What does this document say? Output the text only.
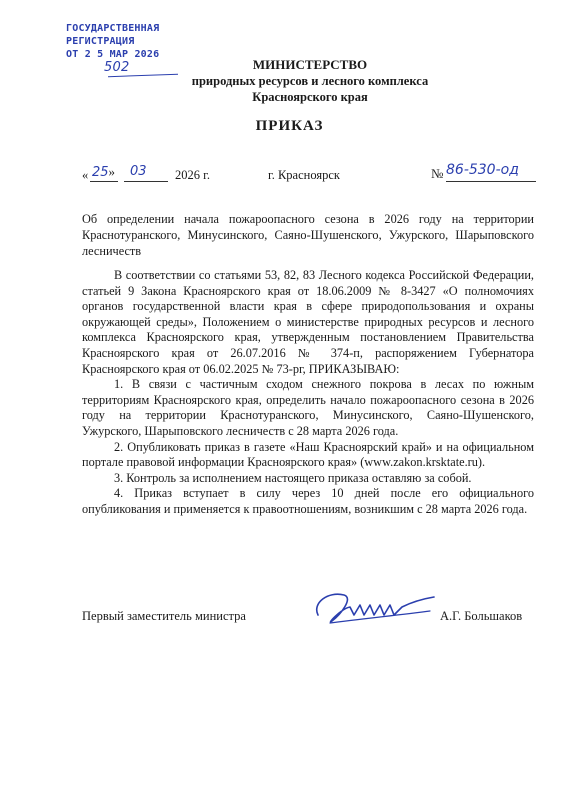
ГОСУДАРСТВЕННАЯ
РЕГИСТРАЦИЯ
ОТ 2 5 МАР 2026
502	МИНИСТЕРСТВО
природных ресурсов и лесного комплекса
Красноярского края
ПРИКАЗ
« 25» 03 2026 г.	г. Красноярск	№ 86-530-од
Об определении начала пожароопасного сезона в 2026 году на территории Краснотуранского, Минусинского, Саяно-Шушенского, Ужурского, Шарыповского лесничеств

В соответствии со статьями 53, 82, 83 Лесного кодекса Российской Федерации, статьей 9 Закона Красноярского края от 18.06.2009 № 8-3427 «О полномочиях органов государственной власти края в сфере природопользования и охраны окружающей среды», Положением о министерстве природных ресурсов и лесного комплекса Красноярского края, утвержденным постановлением Правительства Красноярского края от 26.07.2016 № 374-п, распоряжением Губернатора Красноярского края от 06.02.2025 № 73-рг, ПРИКАЗЫВАЮ:

1. В связи с частичным сходом снежного покрова в лесах по южным территориям Красноярского края, определить начало пожароопасного сезона в 2026 году на территории Краснотуранского, Минусинского, Саяно-Шушенского, Ужурского, Шарыповского лесничеств с 28 марта 2026 года.

2. Опубликовать приказ в газете «Наш Красноярский край» и на официальном портале правовой информации Красноярского края» (www.zakon.krsktate.ru).

3. Контроль за исполнением настоящего приказа оставляю за собой.

4. Приказ вступает в силу через 10 дней после его официального опубликования и применяется к правоотношениям, возникшим с 28 марта 2026 года.

Первый заместитель министра	А.Г. Большаков
